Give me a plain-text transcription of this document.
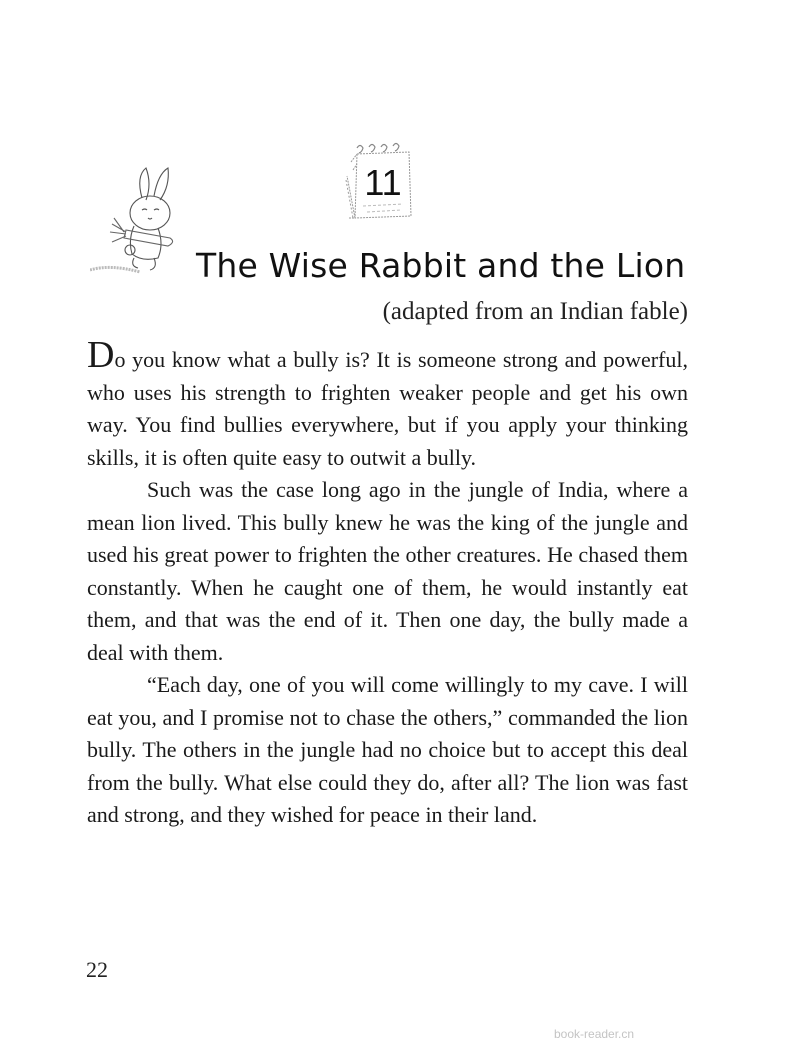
11
The Wise Rabbit and the Lion
(adapted from an Indian fable)

Do you know what a bully is? It is someone strong and powerful, who uses his strength to frighten weaker people and get his own way. You find bullies everywhere, but if you apply your thinking skills, it is often quite easy to outwit a bully.

Such was the case long ago in the jungle of India, where a mean lion lived. This bully knew he was the king of the jungle and used his great power to frighten the other creatures. He chased them constantly. When he caught one of them, he would instantly eat them, and that was the end of it. Then one day, the bully made a deal with them.

“Each day, one of you will come willingly to my cave. I will eat you, and I promise not to chase the others,” commanded the lion bully. The others in the jungle had no choice but to accept this deal from the bully. What else could they do, after all? The lion was fast and strong, and they wished for peace in their land.

22
book-reader.cn
